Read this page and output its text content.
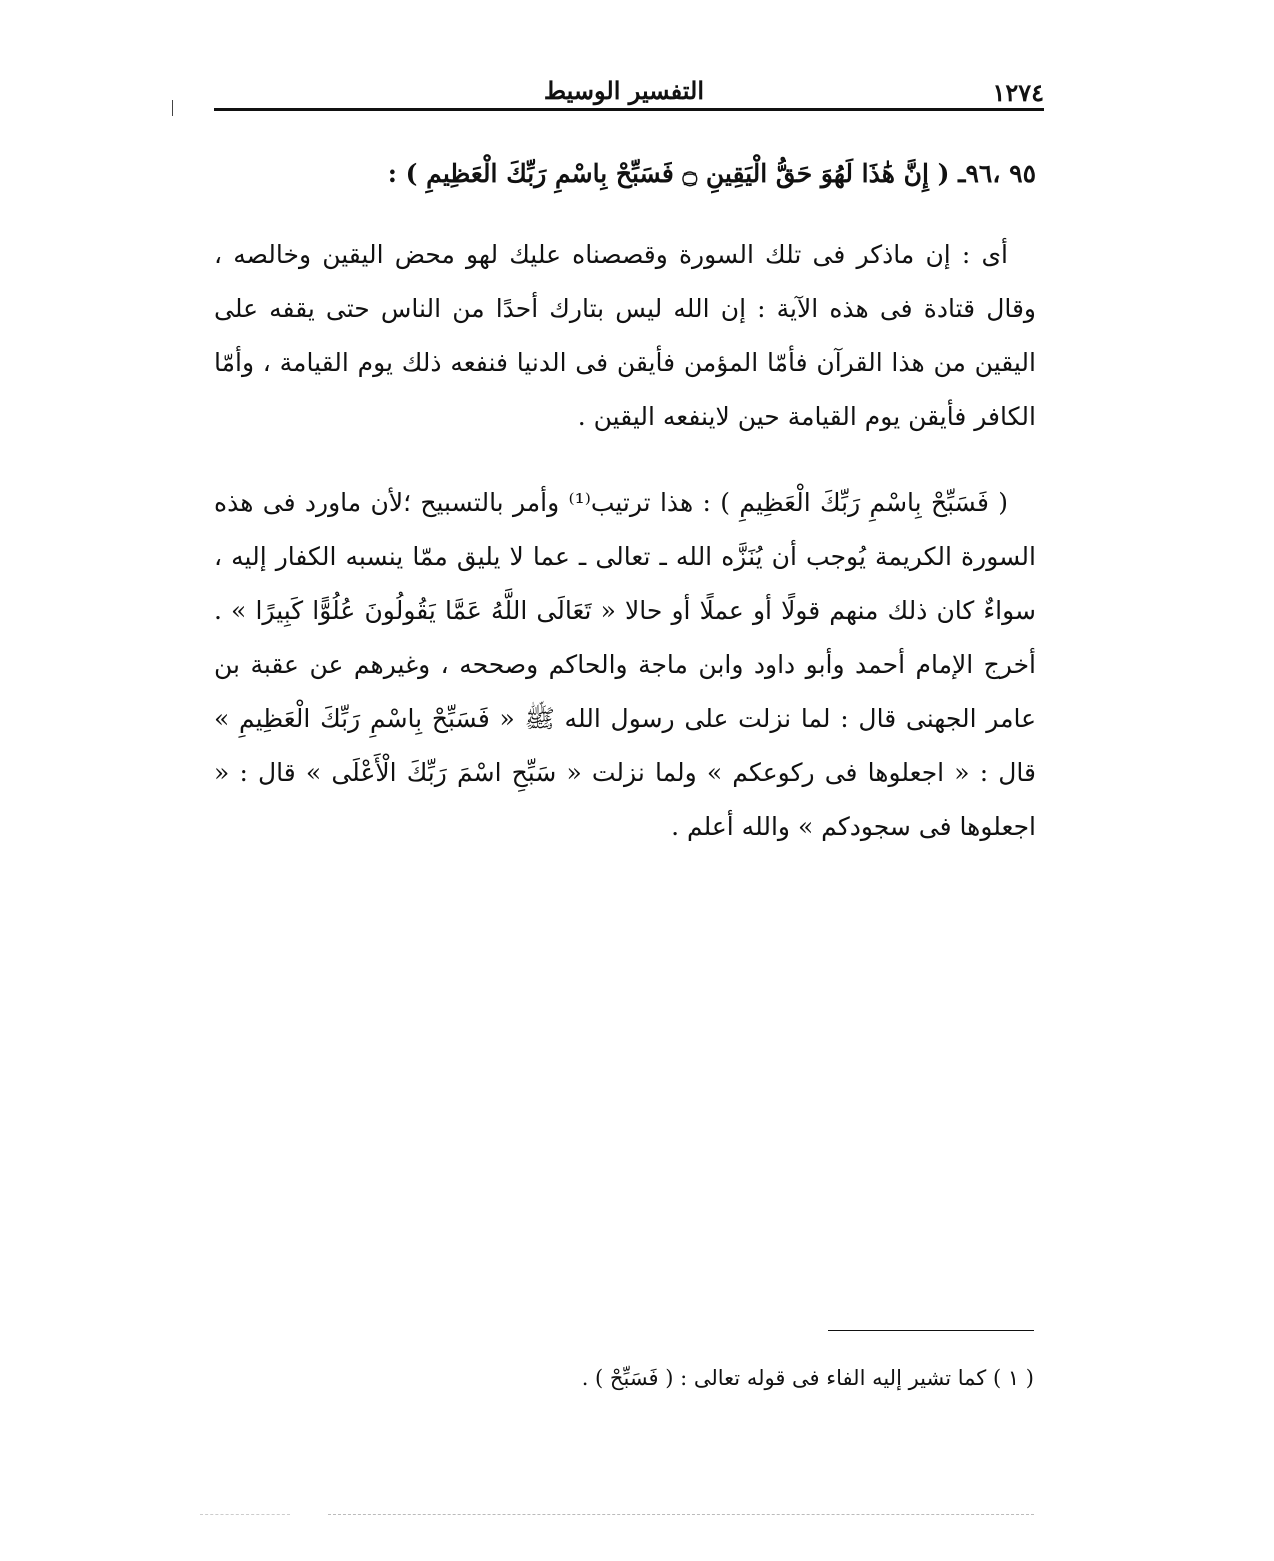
١٢٧٤
التفسير الوسيط

٩٥ ،٩٦ـ ( إِنَّ هَٰذَا لَهُوَ حَقُّ الْيَقِينِ ۝ فَسَبِّحْ بِاسْمِ رَبِّكَ الْعَظِيمِ ) :

أى : إن ماذكر فى تلك السورة وقصصناه عليك لهو محض اليقين وخالصه ، وقال قتادة فى هذه الآية : إن الله ليس بتارك أحدًا من الناس حتى يقفه على اليقين من هذا القرآن فأمّا المؤمن فأيقن فى الدنيا فنفعه ذلك يوم القيامة ، وأمّا الكافر فأيقن يوم القيامة حين لاينفعه اليقين .

( فَسَبِّحْ بِاسْمِ رَبِّكَ الْعَظِيمِ ) : هذا ترتيب⁽¹⁾ وأمر بالتسبيح ؛لأن ماورد فى هذه السورة الكريمة يُوجب أن يُنَزَّه الله ـ تعالى ـ عما لا يليق ممّا ينسبه الكفار إليه ، سواءٌ كان ذلك منهم قولًا أو عملًا أو حالا « تَعَالَى اللَّهُ عَمَّا يَقُولُونَ عُلُوًّا كَبِيرًا » . أخرج الإمام أحمد وأبو داود وابن ماجة والحاكم وصححه ، وغيرهم عن عقبة بن عامر الجهنى قال : لما نزلت على رسول الله ﷺ « فَسَبِّحْ بِاسْمِ رَبِّكَ الْعَظِيمِ » قال : « اجعلوها فى ركوعكم » ولما نزلت « سَبِّحِ اسْمَ رَبِّكَ الْأَعْلَى » قال : « اجعلوها فى سجودكم » والله أعلم .

( ١ ) كما تشير إليه الفاء فى قوله تعالى : ( فَسَبِّحْ ) .
